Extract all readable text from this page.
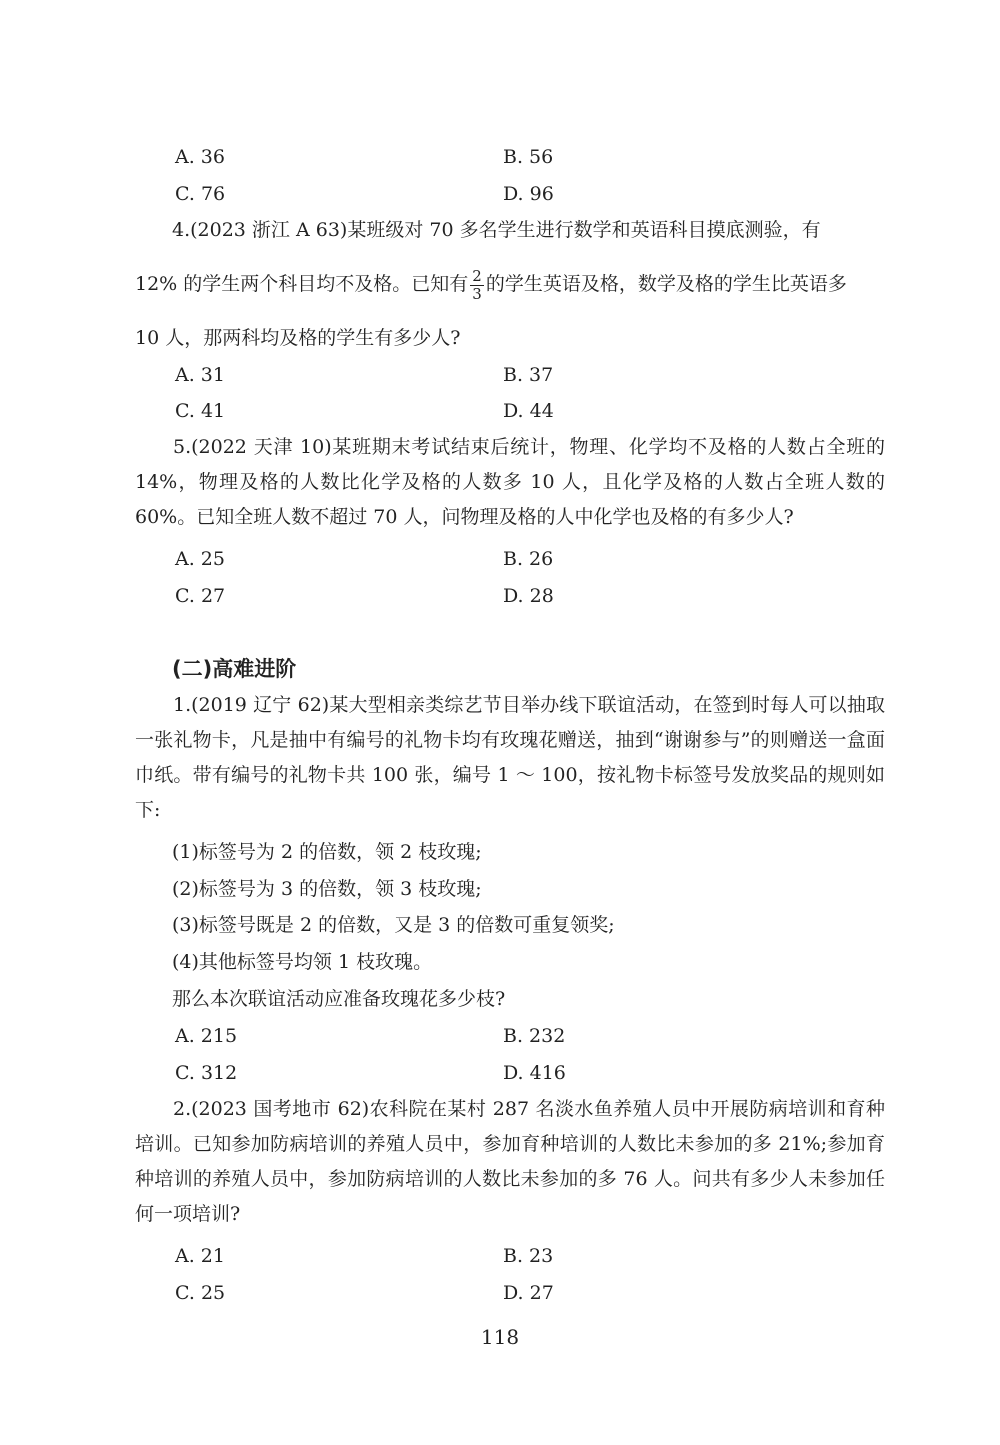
A. 36	B. 56
C. 76	D. 96
4.(2023 浙江 A 63)某班级对 70 多名学生进行数学和英语科目摸底测验，有
12% 的学生两个科目均不及格。已知有 $\frac{2}{3}$ 的学生英语及格，数学及格的学生比英语多
10 人，那两科均及格的学生有多少人?
A. 31	B. 37
C. 41	D. 44
5.(2022 天津 10)某班期末考试结束后统计，物理、化学均不及格的人数占全班的 14%，物理及格的人数比化学及格的人数多 10 人，且化学及格的人数占全班人数的 60%。已知全班人数不超过 70 人，问物理及格的人中化学也及格的有多少人?
A. 25	B. 26
C. 27	D. 28
(二)高难进阶
1.(2019 辽宁 62)某大型相亲类综艺节目举办线下联谊活动，在签到时每人可以抽取一张礼物卡，凡是抽中有编号的礼物卡均有玫瑰花赠送，抽到“谢谢参与”的则赠送一盒面巾纸。带有编号的礼物卡共 100 张，编号 1 ～ 100，按礼物卡标签号发放奖品的规则如下:
(1)标签号为 2 的倍数，领 2 枝玫瑰;
(2)标签号为 3 的倍数，领 3 枝玫瑰;
(3)标签号既是 2 的倍数，又是 3 的倍数可重复领奖;
(4)其他标签号均领 1 枝玫瑰。
那么本次联谊活动应准备玫瑰花多少枝?
A. 215	B. 232
C. 312	D. 416
2.(2023 国考地市 62)农科院在某村 287 名淡水鱼养殖人员中开展防病培训和育种培训。已知参加防病培训的养殖人员中，参加育种培训的人数比未参加的多 21%;参加育种培训的养殖人员中，参加防病培训的人数比未参加的多 76 人。问共有多少人未参加任何一项培训?
A. 21	B. 23
C. 25	D. 27
118
